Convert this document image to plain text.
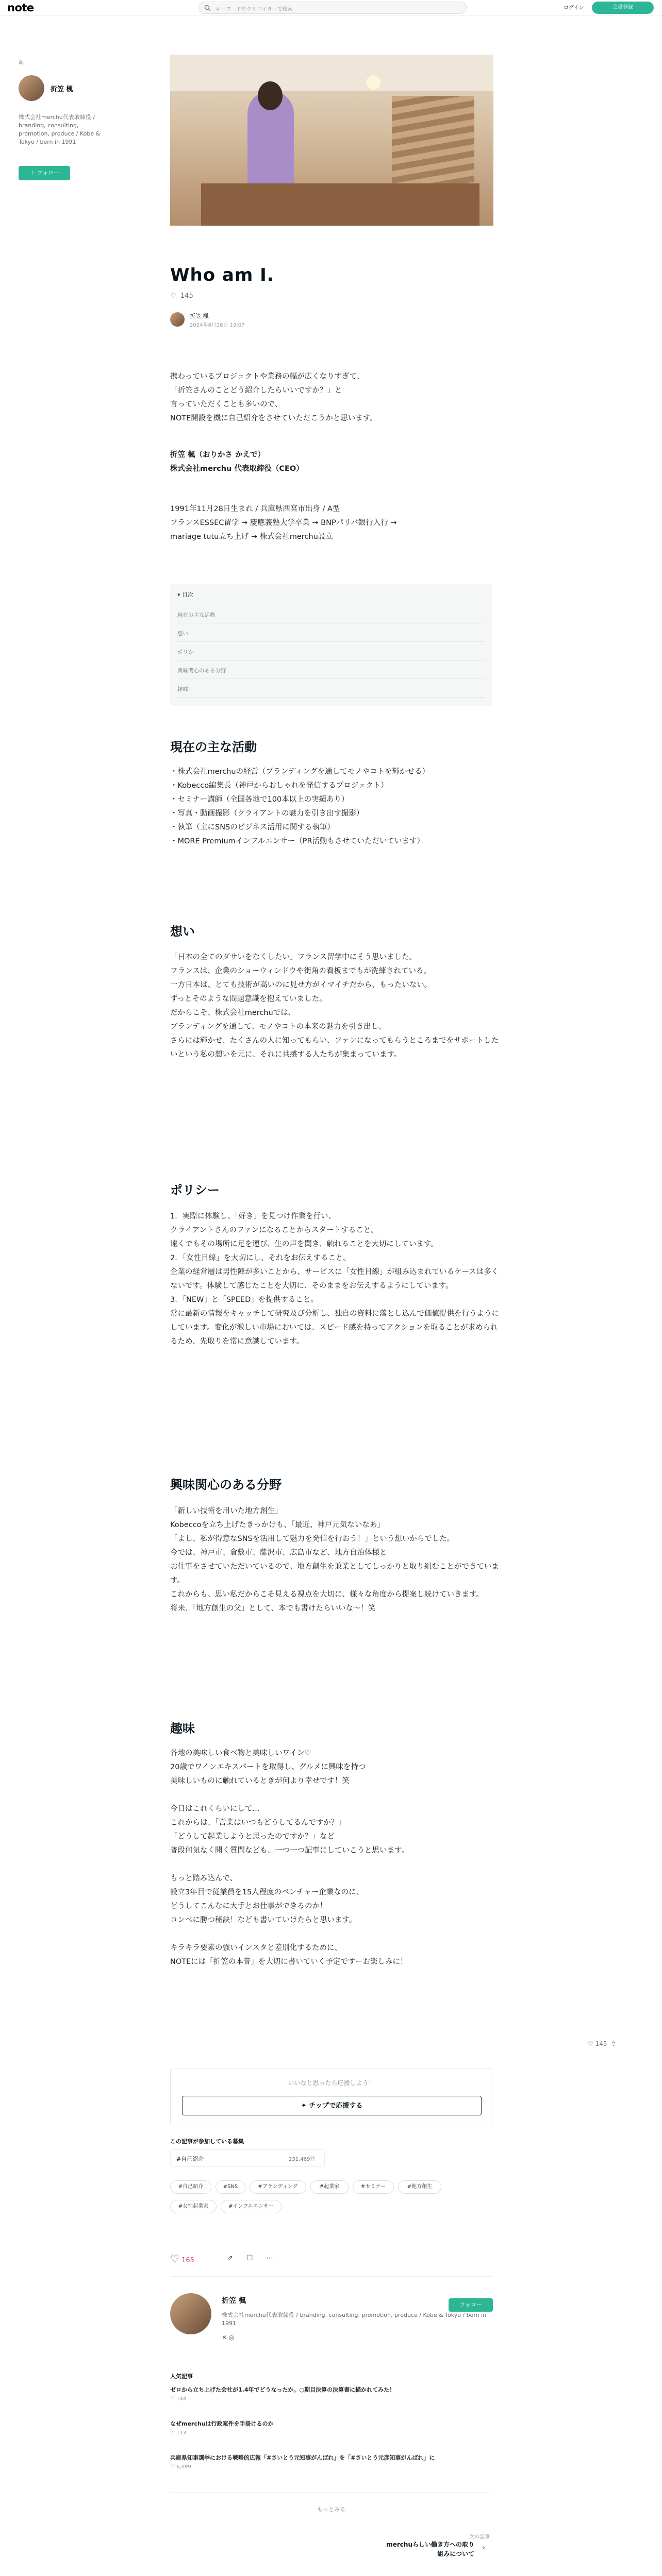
note	キーワードやクリエイターで検索	ログイン	会員登録
記
折笠 楓
株式会社merchu代表取締役 / branding, consulting, promotion, produce / Kobe & Tokyo / born in 1991
＋ フォロー
Who am I.
♡ 145
折笠 楓
2024年8月28日 19:07
携わっているプロジェクトや業務の幅が広くなりすぎて、
「折笠さんのことどう紹介したらいいですか？」と
言っていただくことも多いので、
NOTE開設を機に自己紹介をさせていただこうかと思います。
折笠 楓（おりかさ かえで）
株式会社merchu 代表取締役（CEO）
1991年11月28日生まれ / 兵庫県西宮市出身 / A型
フランスESSEC留学 → 慶應義塾大学卒業 → BNPパリバ銀行入行 →
mariage tutu立ち上げ → 株式会社merchu設立
▾ 目次
現在の主な活動
想い
ポリシー
興味関心のある分野
趣味
現在の主な活動
・株式会社merchuの経営（ブランディングを通してモノやコトを輝かせる）
・Kobecco編集長（神戸からおしゃれを発信するプロジェクト）
・セミナー講師（全国各地で100本以上の実績あり）
・写真・動画撮影（クライアントの魅力を引き出す撮影）
・執筆（主にSNSのビジネス活用に関する執筆）
・MORE Premiumインフルエンサー（PR活動もさせていただいています）
想い
「日本の全てのダサいをなくしたい」フランス留学中にそう思いました。
フランスは、企業のショーウィンドウや街角の看板までもが洗練されている。
一方日本は、とても技術が高いのに見せ方がイマイチだから、もったいない。
ずっとそのような問題意識を抱えていました。
だからこそ、株式会社merchuでは、
ブランディングを通して、モノやコトの本来の魅力を引き出し、
さらには輝かせ、たくさんの人に知ってもらい、ファンになってもらうところまでをサポートしたいという私の想いを元に、それに共感する人たちが集まっています。
ポリシー
1．実際に体験し、「好き」を見つけ作業を行い、
クライアントさんのファンになることからスタートすること。
遠くでもその場所に足を運び、生の声を聞き、触れることを大切にしています。
2．「女性目線」を大切にし、それをお伝えすること。
企業の経営層は男性陣が多いことから、サービスに「女性目線」が組み込まれているケースは多くないです。体験して感じたことを大切に、そのままをお伝えするようにしています。
3．「NEW」と「SPEED」を提供すること。
常に最新の情報をキャッチして研究及び分析し、独自の資料に落とし込んで価値提供を行うようにしています。変化が激しい市場においては、スピード感を持ってアクションを取ることが求められるため、先取りを常に意識しています。
興味関心のある分野
「新しい技術を用いた地方創生」
Kobeccoを立ち上げたきっかけも、「最近、神戸元気ないなあ」
「よし、私が得意なSNSを活用して魅力を発信を行おう！」という想いからでした。
今では、神戸市、倉敷市、藤沢市、広島市など、地方自治体様と
お仕事をさせていただいているので、地方創生を兼業としてしっかりと取り組むことができています。
これからも、思い私だからこそ見える視点を大切に、様々な角度から提案し続けていきます。
将来、「地方創生の父」として、本でも書けたらいいな〜！笑
趣味
各地の美味しい食べ物と美味しいワイン♡
20歳でワインエキスパートを取得し、グルメに興味を持つ
美味しいものに触れているときが何より幸せです！笑
今日はこれくらいにして...
これからは、「営業はいつもどうしてるんですか？」
「どうして起業しようと思ったのですか？」など
普段何気なく聞く質問なども、一つ一つ記事にしていこうと思います。
もっと踏み込んで、
設立3年目で従業員を15人程度のベンチャー企業なのに、
どうしてこんなに大手とお仕事ができるのか！
コンペに勝つ秘訣！なども書いていけたらと思います。
キラキラ要素の強いインスタと差別化するために、
NOTEには「折笠の本音」を大切に書いていく予定ですーお楽しみに！
♡ 145 ⇪
いいなと思ったら応援しよう！
✦ チップで応援する
この記事が参加している募集
#自己紹介	231,469件
#自己紹介	#SNS	#ブランディング	#起業家	#セミナー	#地方創生
#女性起業家	#インフルエンサー
♡ 165	⇗ ☐ ⋯
折笠 楓
株式会社merchu代表取締役 / branding, consulting, promotion, produce / Kobe & Tokyo / born in 1991
フォロー
✕ ◎
人気記事
ゼロから立ち上げた会社が1.4年でどうなったか。○期目決算の決算書に描かれてみた！
♡ 144
なぜmerchuは行政案件を手掛けるのか
♡ 113
兵庫県知事選挙における戦略的広報「#さいとう元知事がんばれ」を「#さいとう元彦知事がんばれ」に
♡ 6,099
もっとみる
次の記事
merchuらしい働き方への取り組みについて
›
